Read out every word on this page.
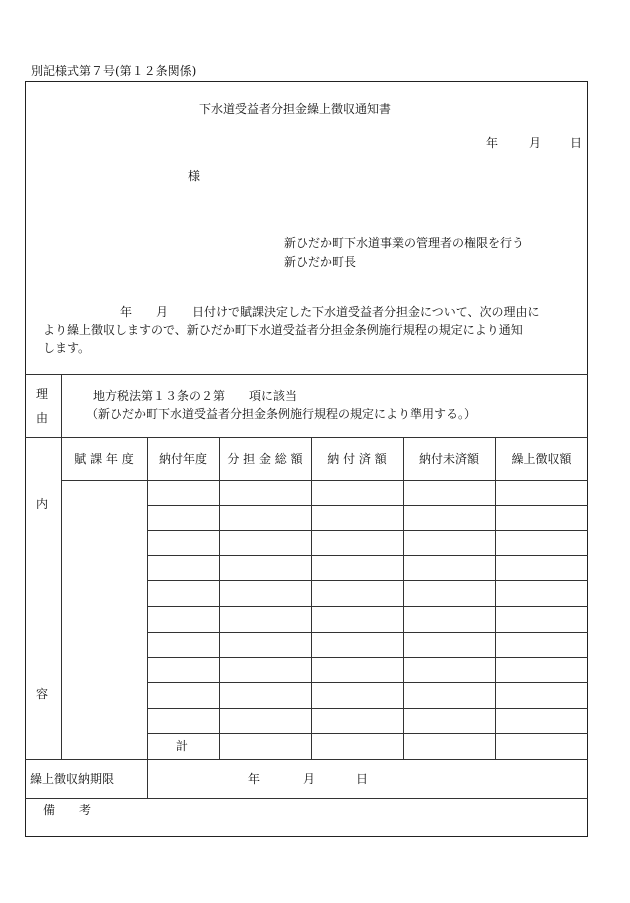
別記様式第７号(第１２条関係)
下水道受益者分担金繰上徴収通知書
年	月 日
様
新ひだか町下水道事業の管理者の権限を行う
新ひだか町長
年　　月　　日付けで賦課決定した下水道受益者分担金について、次の理由に
より繰上徴収しますので、新ひだか町下水道受益者分担金条例施行規程の規定により通知
します。
理
由
地方税法第１３条の２第　　項に該当
（新ひだか町下水道受益者分担金条例施行規程の規定により準用する。）
内
容
賦 課 年 度	納付年度	分 担 金 総 額	納 付 済 額	納付未済額	繰上徴収額
計
繰上徴収納期限	年	月	日
備　　考
